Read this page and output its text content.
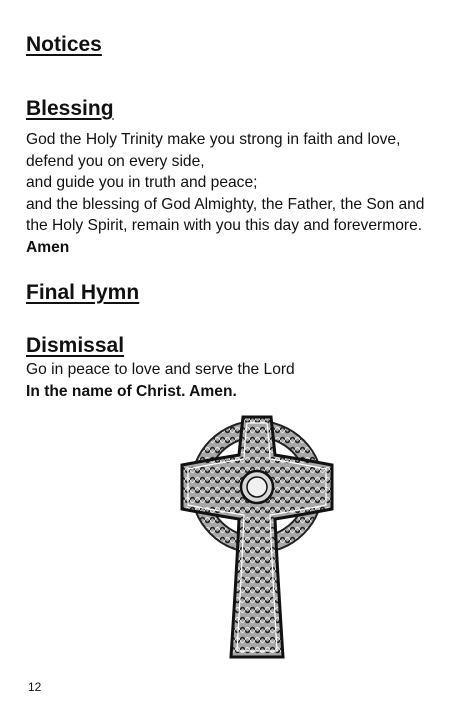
Notices
Blessing

God the Holy Trinity make you strong in faith and love,

defend you on every side,

and guide you in truth and peace;

and the blessing of God Almighty, the Father, the Son and

the Holy Spirit, remain with you this day and forevermore.

Amen

Final Hymn
Dismissal

Go in peace to love and serve the Lord

In the name of Christ. Amen.

12
